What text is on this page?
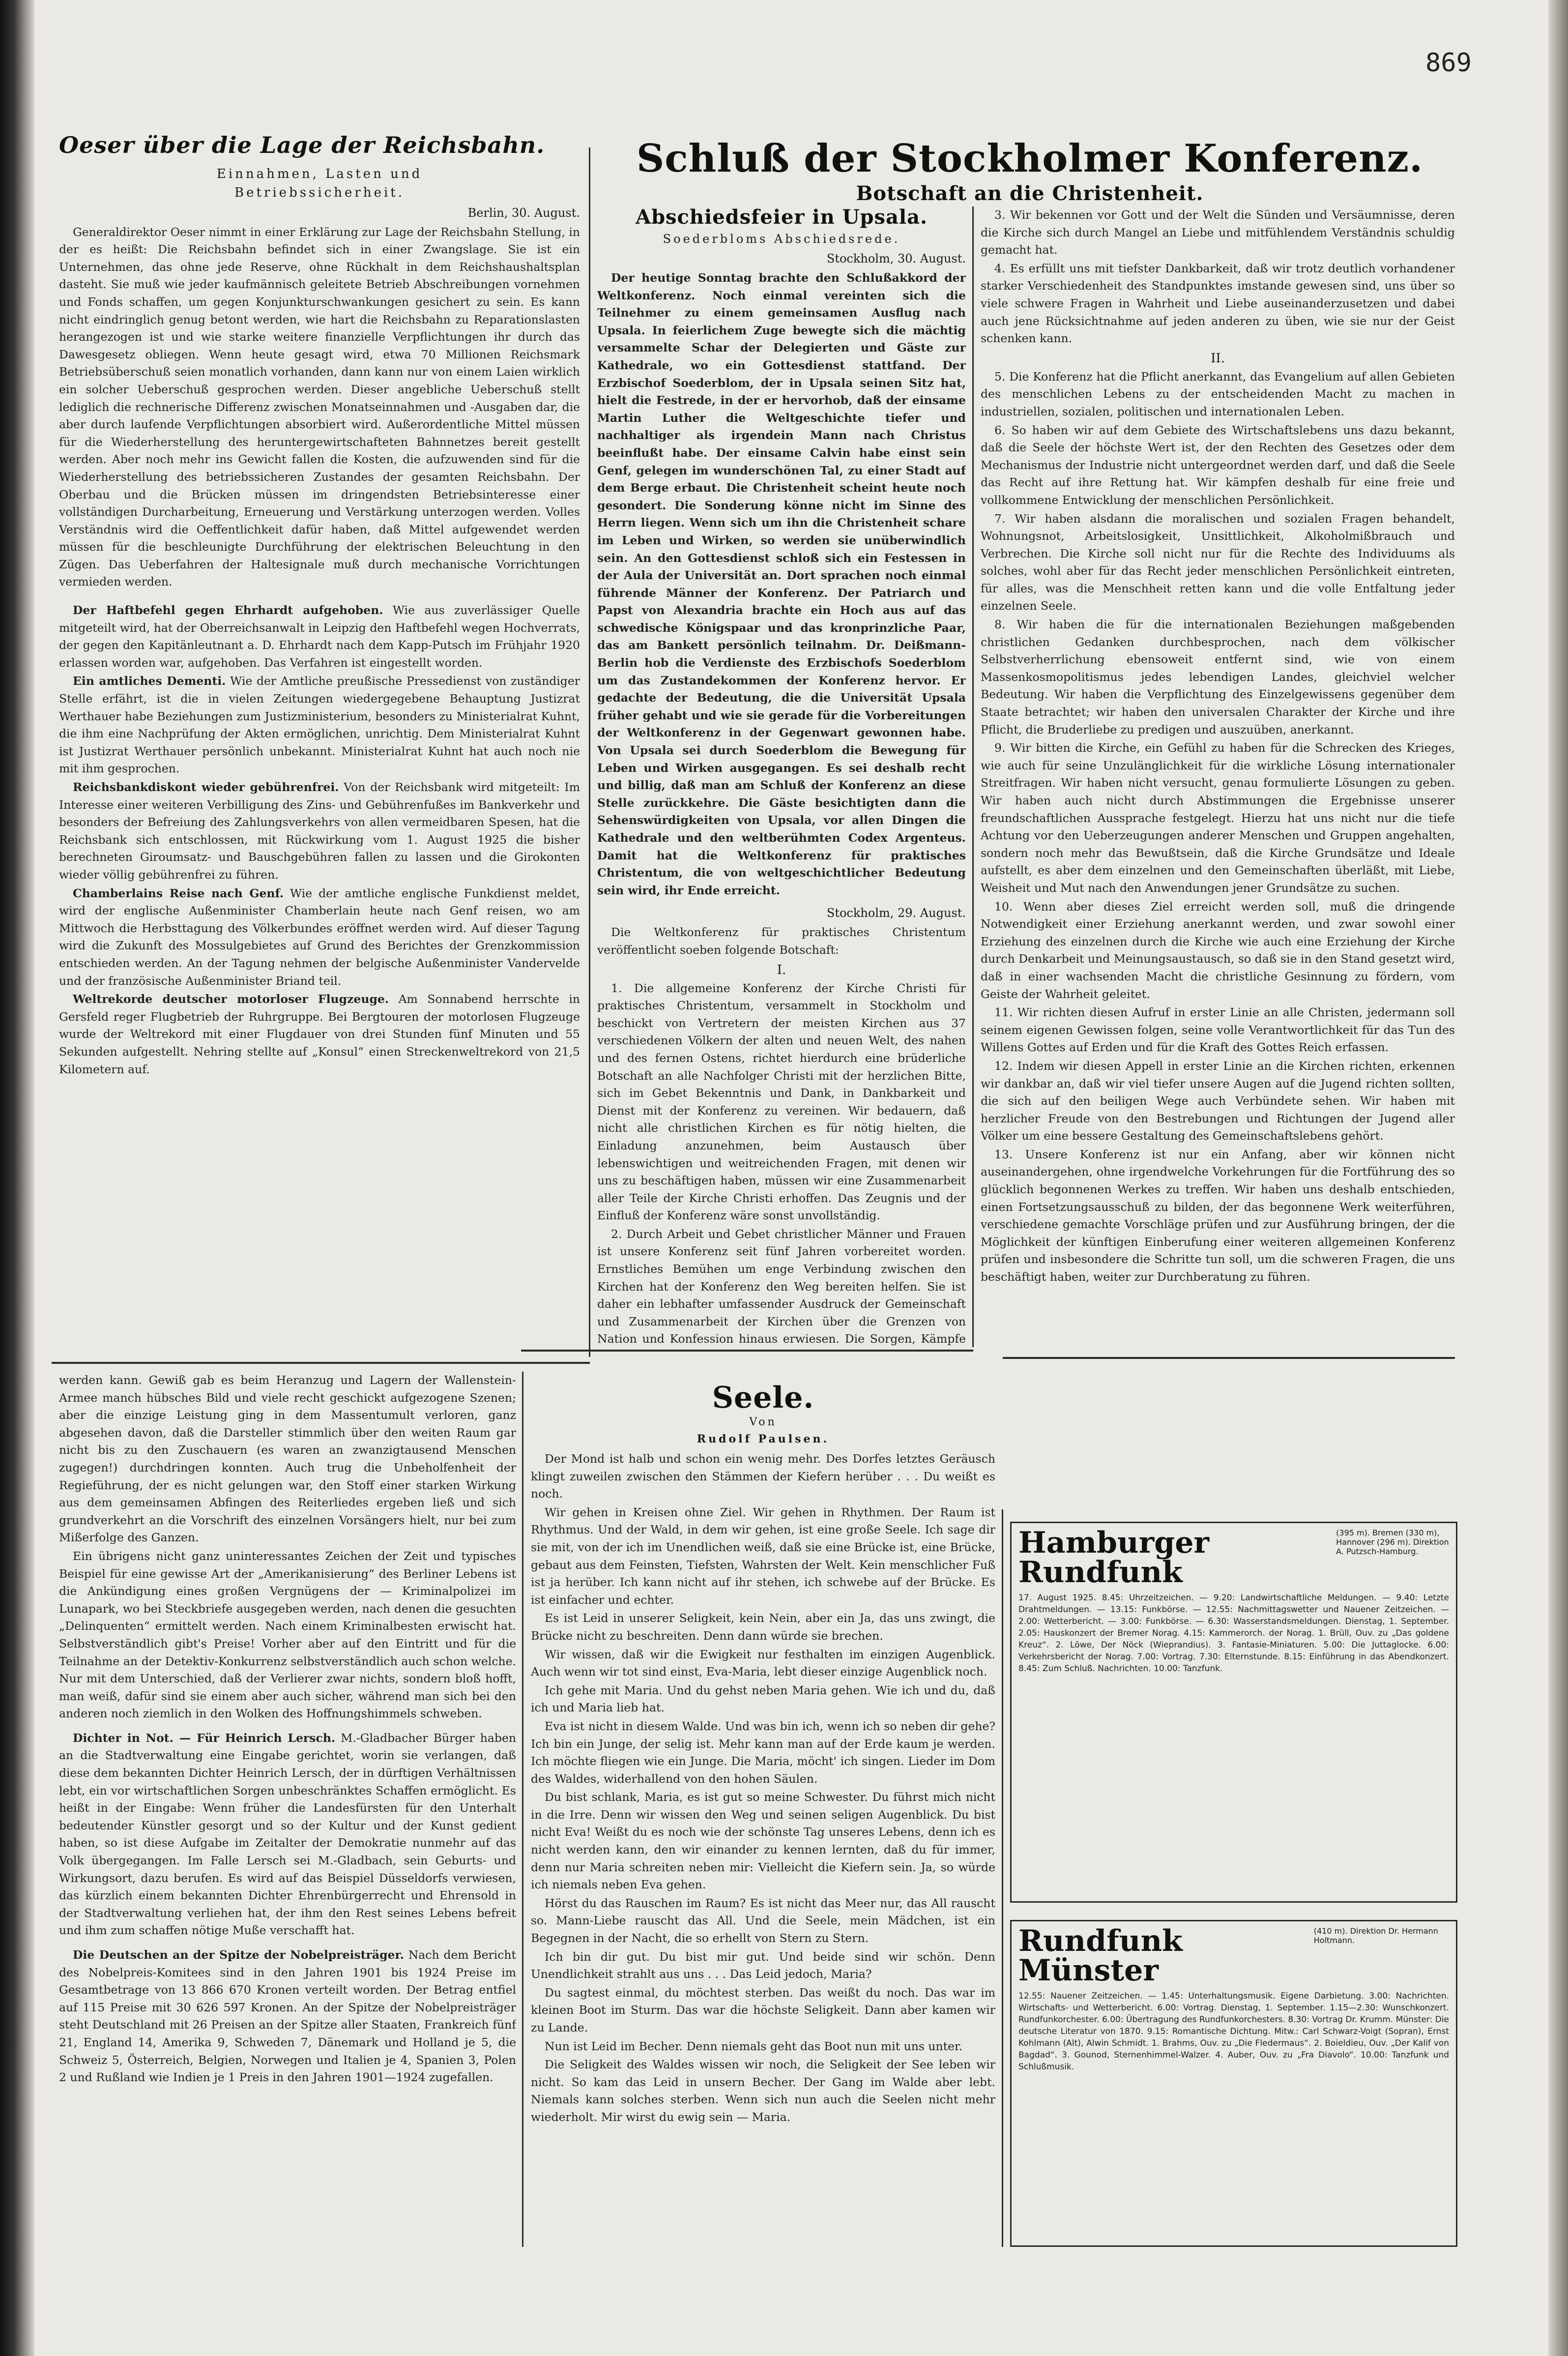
869
Oeser über die Lage der Reichsbahn.
Einnahmen, Lasten und
Betriebssicherheit.
Berlin, 30. August.

Generaldirektor Oeser nimmt in einer Erklärung zur Lage der Reichsbahn Stellung, in der es heißt: Die Reichsbahn befindet sich in einer Zwangslage. Sie ist ein Unternehmen, das ohne jede Reserve, ohne Rückhalt in dem Reichshaushaltsplan dasteht. Sie muß wie jeder kaufmännisch geleitete Betrieb Abschreibungen vornehmen und Fonds schaffen, um gegen Konjunkturschwankungen gesichert zu sein. Es kann nicht eindringlich genug betont werden, wie hart die Reichsbahn zu Reparationslasten herangezogen ist und wie starke weitere finanzielle Verpflichtungen ihr durch das Dawesgesetz obliegen. Wenn heute gesagt wird, etwa 70 Millionen Reichsmark Betriebsüberschuß seien monatlich vorhanden, dann kann nur von einem Laien wirklich ein solcher Ueberschuß gesprochen werden. Dieser angebliche Ueberschuß stellt lediglich die rechnerische Differenz zwischen Monatseinnahmen und -Ausgaben dar, die aber durch laufende Verpflichtungen absorbiert wird. Außerordentliche Mittel müssen für die Wiederherstellung des heruntergewirtschafteten Bahnnetzes bereit gestellt werden. Aber noch mehr ins Gewicht fallen die Kosten, die aufzuwenden sind für die Wiederherstellung des betriebssicheren Zustandes der gesamten Reichsbahn. Der Oberbau und die Brücken müssen im dringendsten Betriebsinteresse einer vollständigen Durcharbeitung, Erneuerung und Verstärkung unterzogen werden. Volles Verständnis wird die Oeffentlichkeit dafür haben, daß Mittel aufgewendet werden müssen für die beschleunigte Durchführung der elektrischen Beleuchtung in den Zügen. Das Ueberfahren der Haltesignale muß durch mechanische Vorrichtungen vermieden werden.

Der Haftbefehl gegen Ehrhardt aufgehoben. Wie aus zuverlässiger Quelle mitgeteilt wird, hat der Oberreichsanwalt in Leipzig den Haftbefehl wegen Hochverrats, der gegen den Kapitänleutnant a. D. Ehrhardt nach dem Kapp-Putsch im Frühjahr 1920 erlassen worden war, aufgehoben. Das Verfahren ist eingestellt worden.

Ein amtliches Dementi. Wie der Amtliche preußische Pressedienst von zuständiger Stelle erfährt, ist die in vielen Zeitungen wiedergegebene Behauptung Justizrat Werthauer habe Beziehungen zum Justizministerium, besonders zu Ministerialrat Kuhnt, die ihm eine Nachprüfung der Akten ermöglichen, unrichtig. Dem Ministerialrat Kuhnt ist Justizrat Werthauer persönlich unbekannt. Ministerialrat Kuhnt hat auch noch nie mit ihm gesprochen.

Reichsbankdiskont wieder gebührenfrei. Von der Reichsbank wird mitgeteilt: Im Interesse einer weiteren Verbilligung des Zins- und Gebührenfußes im Bankverkehr und besonders der Befreiung des Zahlungsverkehrs von allen vermeidbaren Spesen, hat die Reichsbank sich entschlossen, mit Rückwirkung vom 1. August 1925 die bisher berechneten Giroumsatz- und Bauschgebühren fallen zu lassen und die Girokonten wieder völlig gebührenfrei zu führen.

Chamberlains Reise nach Genf. Wie der amtliche englische Funkdienst meldet, wird der englische Außenminister Chamberlain heute nach Genf reisen, wo am Mittwoch die Herbsttagung des Völkerbundes eröffnet werden wird. Auf dieser Tagung wird die Zukunft des Mossulgebietes auf Grund des Berichtes der Grenzkommission entschieden werden. An der Tagung nehmen der belgische Außenminister Vandervelde und der französische Außenminister Briand teil.

Weltrekorde deutscher motorloser Flugzeuge. Am Sonnabend herrschte in Gersfeld reger Flugbetrieb der Ruhrgruppe. Bei Bergtouren der motorlosen Flugzeuge wurde der Weltrekord mit einer Flugdauer von drei Stunden fünf Minuten und 55 Sekunden aufgestellt. Nehring stellte auf „Konsul“ einen Streckenweltrekord von 21,5 Kilometern auf.

Schluß der Stockholmer Konferenz.
Botschaft an die Christenheit.
Abschiedsfeier in Upsala.
Soederbloms Abschiedsrede.
Stockholm, 30. August.

Der heutige Sonntag brachte den Schlußakkord der Weltkonferenz. Noch einmal vereinten sich die Teilnehmer zu einem gemeinsamen Ausflug nach Upsala. In feierlichem Zuge bewegte sich die mächtig versammelte Schar der Delegierten und Gäste zur Kathedrale, wo ein Gottesdienst stattfand. Der Erzbischof Soederblom, der in Upsala seinen Sitz hat, hielt die Festrede, in der er hervorhob, daß der einsame Martin Luther die Weltgeschichte tiefer und nachhaltiger als irgendein Mann nach Christus beeinflußt habe. Der einsame Calvin habe einst sein Genf, gelegen im wunderschönen Tal, zu einer Stadt auf dem Berge erbaut. Die Christenheit scheint heute noch gesondert. Die Sonderung könne nicht im Sinne des Herrn liegen. Wenn sich um ihn die Christenheit schare im Leben und Wirken, so werden sie unüberwindlich sein. An den Gottesdienst schloß sich ein Festessen in der Aula der Universität an. Dort sprachen noch einmal führende Männer der Konferenz. Der Patriarch und Papst von Alexandria brachte ein Hoch aus auf das schwedische Königspaar und das kronprinzliche Paar, das am Bankett persönlich teilnahm. Dr. Deißmann-Berlin hob die Verdienste des Erzbischofs Soederblom um das Zustandekommen der Konferenz hervor. Er gedachte der Bedeutung, die die Universität Upsala früher gehabt und wie sie gerade für die Vorbereitungen der Weltkonferenz in der Gegenwart gewonnen habe. Von Upsala sei durch Soederblom die Bewegung für Leben und Wirken ausgegangen. Es sei deshalb recht und billig, daß man am Schluß der Konferenz an diese Stelle zurückkehre. Die Gäste besichtigten dann die Sehenswürdigkeiten von Upsala, vor allen Dingen die Kathedrale und den weltberühmten Codex Argenteus. Damit hat die Weltkonferenz für praktisches Christentum, die von weltgeschichtlicher Bedeutung sein wird, ihr Ende erreicht.

Stockholm, 29. August.

Die Weltkonferenz für praktisches Christentum veröffentlicht soeben folgende Botschaft:

I.

1. Die allgemeine Konferenz der Kirche Christi für praktisches Christentum, versammelt in Stockholm und beschickt von Vertretern der meisten Kirchen aus 37 verschiedenen Völkern der alten und neuen Welt, des nahen und des fernen Ostens, richtet hierdurch eine brüderliche Botschaft an alle Nachfolger Christi mit der herzlichen Bitte, sich im Gebet Bekenntnis und Dank, in Dankbarkeit und Dienst mit der Konferenz zu vereinen. Wir bedauern, daß nicht alle christlichen Kirchen es für nötig hielten, die Einladung anzunehmen, beim Austausch über lebenswichtigen und weitreichenden Fragen, mit denen wir uns zu beschäftigen haben, müssen wir eine Zusammenarbeit aller Teile der Kirche Christi erhoffen. Das Zeugnis und der Einfluß der Konferenz wäre sonst unvollständig.

2. Durch Arbeit und Gebet christlicher Männer und Frauen ist unsere Konferenz seit fünf Jahren vorbereitet worden. Ernstliches Bemühen um enge Verbindung zwischen den Kirchen hat der Konferenz den Weg bereiten helfen. Sie ist daher ein lebhafter umfassender Ausdruck der Gemeinschaft und Zusammenarbeit der Kirchen über die Grenzen von Nation und Konfession hinaus erwiesen. Die Sorgen, Kämpfe

3. Wir bekennen vor Gott und der Welt die Sünden und Versäumnisse, deren die Kirche sich durch Mangel an Liebe und mitfühlendem Verständnis schuldig gemacht hat.

4. Es erfüllt uns mit tiefster Dankbarkeit, daß wir trotz deutlich vorhandener starker Verschiedenheit des Standpunktes imstande gewesen sind, uns über so viele schwere Fragen in Wahrheit und Liebe auseinanderzusetzen und dabei auch jene Rücksichtnahme auf jeden anderen zu üben, wie sie nur der Geist schenken kann.

II.

5. Die Konferenz hat die Pflicht anerkannt, das Evangelium auf allen Gebieten des menschlichen Lebens zu der entscheidenden Macht zu machen in industriellen, sozialen, politischen und internationalen Leben.

6. So haben wir auf dem Gebiete des Wirtschaftslebens uns dazu bekannt, daß die Seele der höchste Wert ist, der den Rechten des Gesetzes oder dem Mechanismus der Industrie nicht untergeordnet werden darf, und daß die Seele das Recht auf ihre Rettung hat. Wir kämpfen deshalb für eine freie und vollkommene Entwicklung der menschlichen Persönlichkeit.

7. Wir haben alsdann die moralischen und sozialen Fragen behandelt, Wohnungsnot, Arbeitslosigkeit, Unsittlichkeit, Alkoholmißbrauch und Verbrechen. Die Kirche soll nicht nur für die Rechte des Individuums als solches, wohl aber für das Recht jeder menschlichen Persönlichkeit eintreten, für alles, was die Menschheit retten kann und die volle Entfaltung jeder einzelnen Seele.

8. Wir haben die für die internationalen Beziehungen maßgebenden christlichen Gedanken durchbesprochen, nach dem völkischer Selbstverherrlichung ebensoweit entfernt sind, wie von einem Massenkosmopolitismus jedes lebendigen Landes, gleichviel welcher Bedeutung. Wir haben die Verpflichtung des Einzelgewissens gegenüber dem Staate betrachtet; wir haben den universalen Charakter der Kirche und ihre Pflicht, die Bruderliebe zu predigen und auszuüben, anerkannt.

9. Wir bitten die Kirche, ein Gefühl zu haben für die Schrecken des Krieges, wie auch für seine Unzulänglichkeit für die wirkliche Lösung internationaler Streitfragen. Wir haben nicht versucht, genau formulierte Lösungen zu geben. Wir haben auch nicht durch Abstimmungen die Ergebnisse unserer freundschaftlichen Aussprache festgelegt. Hierzu hat uns nicht nur die tiefe Achtung vor den Ueberzeugungen anderer Menschen und Gruppen angehalten, sondern noch mehr das Bewußtsein, daß die Kirche Grundsätze und Ideale aufstellt, es aber dem einzelnen und den Gemeinschaften überläßt, mit Liebe, Weisheit und Mut nach den Anwendungen jener Grundsätze zu suchen.

10. Wenn aber dieses Ziel erreicht werden soll, muß die dringende Notwendigkeit einer Erziehung anerkannt werden, und zwar sowohl einer Erziehung des einzelnen durch die Kirche wie auch eine Erziehung der Kirche durch Denkarbeit und Meinungsaustausch, so daß sie in den Stand gesetzt wird, daß in einer wachsenden Macht die christliche Gesinnung zu fördern, vom Geiste der Wahrheit geleitet.

11. Wir richten diesen Aufruf in erster Linie an alle Christen, jedermann soll seinem eigenen Gewissen folgen, seine volle Verantwortlichkeit für das Tun des Willens Gottes auf Erden und für die Kraft des Gottes Reich erfassen.

12. Indem wir diesen Appell in erster Linie an die Kirchen richten, erkennen wir dankbar an, daß wir viel tiefer unsere Augen auf die Jugend richten sollten, die sich auf den beiligen Wege auch Verbündete sehen. Wir haben mit herzlicher Freude von den Bestrebungen und Richtungen der Jugend aller Völker um eine bessere Gestaltung des Gemeinschaftslebens gehört.

13. Unsere Konferenz ist nur ein Anfang, aber wir können nicht auseinandergehen, ohne irgendwelche Vorkehrungen für die Fortführung des so glücklich begonnenen Werkes zu treffen. Wir haben uns deshalb entschieden, einen Fortsetzungsausschuß zu bilden, der das begonnene Werk weiterführen, verschiedene gemachte Vorschläge prüfen und zur Ausführung bringen, der die Möglichkeit der künftigen Einberufung einer weiteren allgemeinen Konferenz prüfen und insbesondere die Schritte tun soll, um die schweren Fragen, die uns beschäftigt haben, weiter zur Durchberatung zu führen.

werden kann. Gewiß gab es beim Heranzug und Lagern der Wallenstein-Armee manch hübsches Bild und viele recht geschickt aufgezogene Szenen; aber die einzige Leistung ging in dem Massentumult verloren, ganz abgesehen davon, daß die Darsteller stimmlich über den weiten Raum gar nicht bis zu den Zuschauern (es waren an zwanzigtausend Menschen zugegen!) durchdringen konnten. Auch trug die Unbeholfenheit der Regieführung, der es nicht gelungen war, den Stoff einer starken Wirkung aus dem gemeinsamen Abfingen des Reiterliedes ergeben ließ und sich grundverkehrt an die Vorschrift des einzelnen Vorsängers hielt, nur bei zum Mißerfolge des Ganzen.

Ein übrigens nicht ganz uninteressantes Zeichen der Zeit und typisches Beispiel für eine gewisse Art der „Amerikanisierung“ des Berliner Lebens ist die Ankündigung eines großen Vergnügens der — Kriminalpolizei im Lunapark, wo bei Steckbriefe ausgegeben werden, nach denen die gesuchten „Delinquenten“ ermittelt werden. Nach einem Kriminalbesten erwischt hat. Selbstverständlich gibt's Preise! Vorher aber auf den Eintritt und für die Teilnahme an der Detektiv-Konkurrenz selbstverständlich auch schon welche. Nur mit dem Unterschied, daß der Verlierer zwar nichts, sondern bloß hofft, man weiß, dafür sind sie einem aber auch sicher, während man sich bei den anderen noch ziemlich in den Wolken des Hoffnungshimmels schweben.

Dichter in Not. — Für Heinrich Lersch. M.-Gladbacher Bürger haben an die Stadtverwaltung eine Eingabe gerichtet, worin sie verlangen, daß diese dem bekannten Dichter Heinrich Lersch, der in dürftigen Verhältnissen lebt, ein vor wirtschaftlichen Sorgen unbeschränktes Schaffen ermöglicht. Es heißt in der Eingabe: Wenn früher die Landesfürsten für den Unterhalt bedeutender Künstler gesorgt und so der Kultur und der Kunst gedient haben, so ist diese Aufgabe im Zeitalter der Demokratie nunmehr auf das Volk übergegangen. Im Falle Lersch sei M.-Gladbach, sein Geburts- und Wirkungsort, dazu berufen. Es wird auf das Beispiel Düsseldorfs verwiesen, das kürzlich einem bekannten Dichter Ehrenbürgerrecht und Ehrensold in der Stadtverwaltung verliehen hat, der ihm den Rest seines Lebens befreit und ihm zum schaffen nötige Muße verschafft hat.

Die Deutschen an der Spitze der Nobelpreisträger. Nach dem Bericht des Nobelpreis-Komitees sind in den Jahren 1901 bis 1924 Preise im Gesamtbetrage von 13 866 670 Kronen verteilt worden. Der Betrag entfiel auf 115 Preise mit 30 626 597 Kronen. An der Spitze der Nobelpreisträger steht Deutschland mit 26 Preisen an der Spitze aller Staaten, Frankreich fünf 21, England 14, Amerika 9, Schweden 7, Dänemark und Holland je 5, die Schweiz 5, Österreich, Belgien, Norwegen und Italien je 4, Spanien 3, Polen 2 und Rußland wie Indien je 1 Preis in den Jahren 1901—1924 zugefallen.

Seele.
Von
Rudolf Paulsen.

Der Mond ist halb und schon ein wenig mehr. Des Dorfes letztes Geräusch klingt zuweilen zwischen den Stämmen der Kiefern herüber . . . Du weißt es noch.

Wir gehen in Kreisen ohne Ziel. Wir gehen in Rhythmen. Der Raum ist Rhythmus. Und der Wald, in dem wir gehen, ist eine große Seele. Ich sage dir sie mit, von der ich im Unendlichen weiß, daß sie eine Brücke ist, eine Brücke, gebaut aus dem Feinsten, Tiefsten, Wahrsten der Welt. Kein menschlicher Fuß ist ja herüber. Ich kann nicht auf ihr stehen, ich schwebe auf der Brücke. Es ist einfacher und echter.

Es ist Leid in unserer Seligkeit, kein Nein, aber ein Ja, das uns zwingt, die Brücke nicht zu beschreiten. Denn dann würde sie brechen.

Wir wissen, daß wir die Ewigkeit nur festhalten im einzigen Augenblick. Auch wenn wir tot sind einst, Eva-Maria, lebt dieser einzige Augenblick noch.

Ich gehe mit Maria. Und du gehst neben Maria gehen. Wie ich und du, daß ich und Maria lieb hat.

Eva ist nicht in diesem Walde. Und was bin ich, wenn ich so neben dir gehe? Ich bin ein Junge, der selig ist. Mehr kann man auf der Erde kaum je werden. Ich möchte fliegen wie ein Junge. Die Maria, möcht' ich singen. Lieder im Dom des Waldes, widerhallend von den hohen Säulen.

Du bist schlank, Maria, es ist gut so meine Schwester. Du führst mich nicht in die Irre. Denn wir wissen den Weg und seinen seligen Augenblick. Du bist nicht Eva! Weißt du es noch wie der schönste Tag unseres Lebens, denn ich es nicht werden kann, den wir einander zu kennen lernten, daß du für immer, denn nur Maria schreiten neben mir: Vielleicht die Kiefern sein. Ja, so würde ich niemals neben Eva gehen.

Hörst du das Rauschen im Raum? Es ist nicht das Meer nur, das All rauscht so. Mann-Liebe rauscht das All. Und die Seele, mein Mädchen, ist ein Begegnen in der Nacht, die so erhellt von Stern zu Stern.

Ich bin dir gut. Du bist mir gut. Und beide sind wir schön. Denn Unendlichkeit strahlt aus uns . . . Das Leid jedoch, Maria?

Du sagtest einmal, du möchtest sterben. Das weißt du noch. Das war im kleinen Boot im Sturm. Das war die höchste Seligkeit. Dann aber kamen wir zu Lande.

Nun ist Leid im Becher. Denn niemals geht das Boot nun mit uns unter.

Die Seligkeit des Waldes wissen wir noch, die Seligkeit der See leben wir nicht. So kam das Leid in unsern Becher. Der Gang im Walde aber lebt. Niemals kann solches sterben. Wenn sich nun auch die Seelen nicht mehr wiederholt. Mir wirst du ewig sein — Maria.

Hamburger Rundfunk
(395 m). Bremen (330 m), Hannover (296 m). Direktion A. Putzsch-Hamburg.
17. August 1925. 8.45: Uhrzeitzeichen. — 9.20: Landwirtschaftliche Meldungen. — 9.40: Letzte Drahtmeldungen. — 13.15: Funkbörse. — 12.55: Nachmittagswetter und Nauener Zeitzeichen. — 2.00: Wetterbericht. — 3.00: Funkbörse. — 6.30: Wasserstandsmeldungen. Dienstag, 1. September. 2.05: Hauskonzert der Bremer Norag. 4.15: Kammerorch. der Norag. 1. Brüll, Ouv. zu „Das goldene Kreuz“. 2. Löwe, Der Nöck (Wieprandius). 3. Fantasie-Miniaturen. 5.00: Die Juttaglocke. 6.00: Verkehrsbericht der Norag. 7.00: Vortrag. 7.30: Elternstunde. 8.15: Einführung in das Abendkonzert. 8.45: Zum Schluß. Nachrichten. 10.00: Tanzfunk.
Rundfunk Münster
(410 m). Direktion Dr. Hermann Holtmann.
12.55: Nauener Zeitzeichen. — 1.45: Unterhaltungsmusik. Eigene Darbietung. 3.00: Nachrichten. Wirtschafts- und Wetterbericht. 6.00: Vortrag. Dienstag, 1. September. 1.15—2.30: Wunschkonzert. Rundfunkorchester. 6.00: Übertragung des Rundfunkorchesters. 8.30: Vortrag Dr. Krumm. Münster: Die deutsche Literatur von 1870. 9.15: Romantische Dichtung. Mitw.: Carl Schwarz-Voigt (Sopran), Ernst Kohlmann (Alt), Alwin Schmidt. 1. Brahms, Ouv. zu „Die Fledermaus“. 2. Boieldieu, Ouv. „Der Kalif von Bagdad“. 3. Gounod, Sternenhimmel-Walzer. 4. Auber, Ouv. zu „Fra Diavolo“. 10.00: Tanzfunk und Schlußmusik.
